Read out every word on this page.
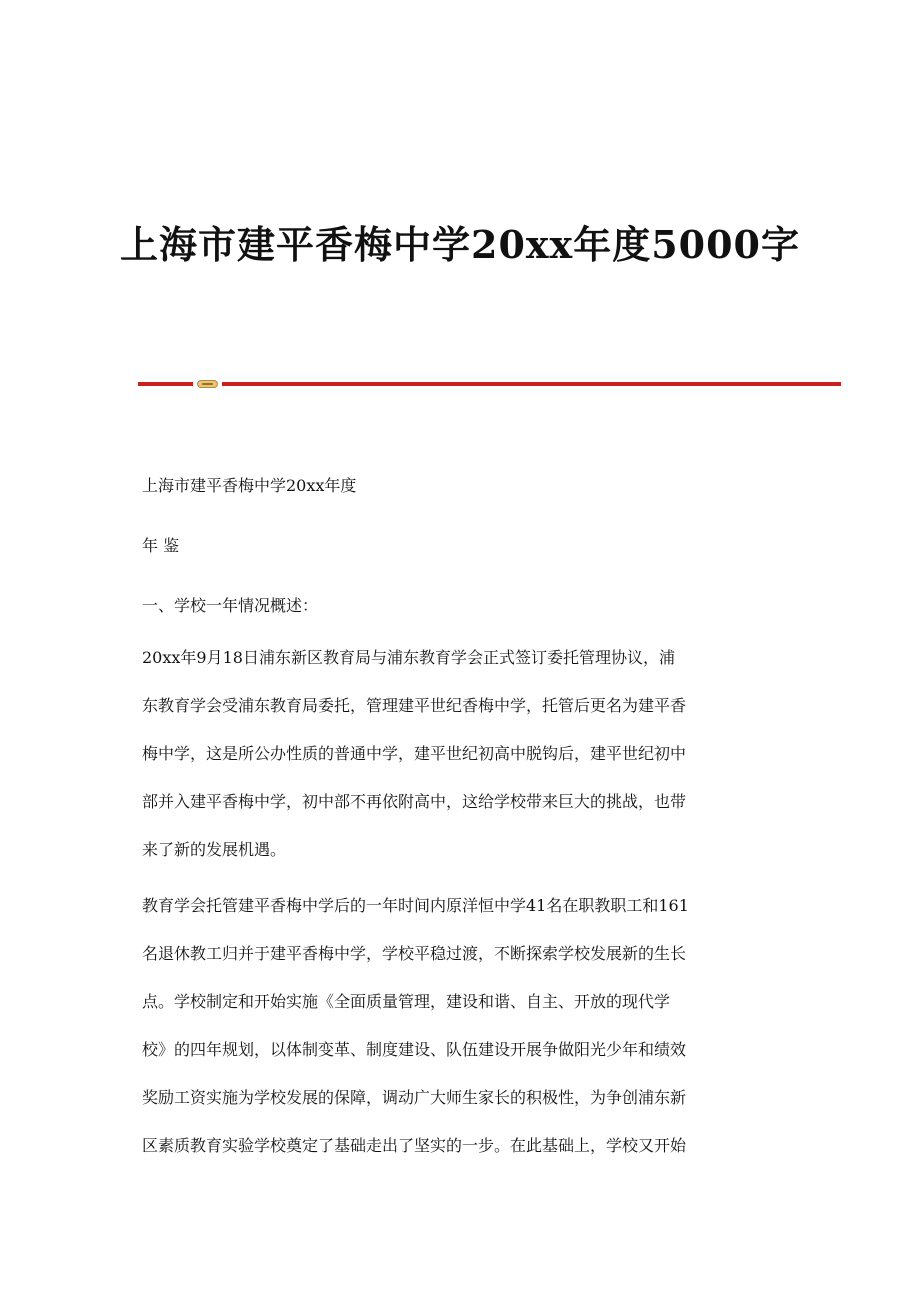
上海市建平香梅中学20xx年度5000字

上海市建平香梅中学20xx年度

年 鉴

一、学校一年情况概述：

20xx年9月18日浦东新区教育局与浦东教育学会正式签订委托管理协议，浦

东教育学会受浦东教育局委托，管理建平世纪香梅中学，托管后更名为建平香

梅中学，这是所公办性质的普通中学，建平世纪初高中脱钩后，建平世纪初中

部并入建平香梅中学，初中部不再依附高中，这给学校带来巨大的挑战，也带

来了新的发展机遇。

教育学会托管建平香梅中学后的一年时间内原洋恒中学41名在职教职工和161

名退休教工归并于建平香梅中学，学校平稳过渡，不断探索学校发展新的生长

点。学校制定和开始实施《全面质量管理，建设和谐、自主、开放的现代学

校》的四年规划，以体制变革、制度建设、队伍建设开展争做阳光少年和绩效

奖励工资实施为学校发展的保障，调动广大师生家长的积极性，为争创浦东新

区素质教育实验学校奠定了基础走出了坚实的一步。在此基础上，学校又开始
